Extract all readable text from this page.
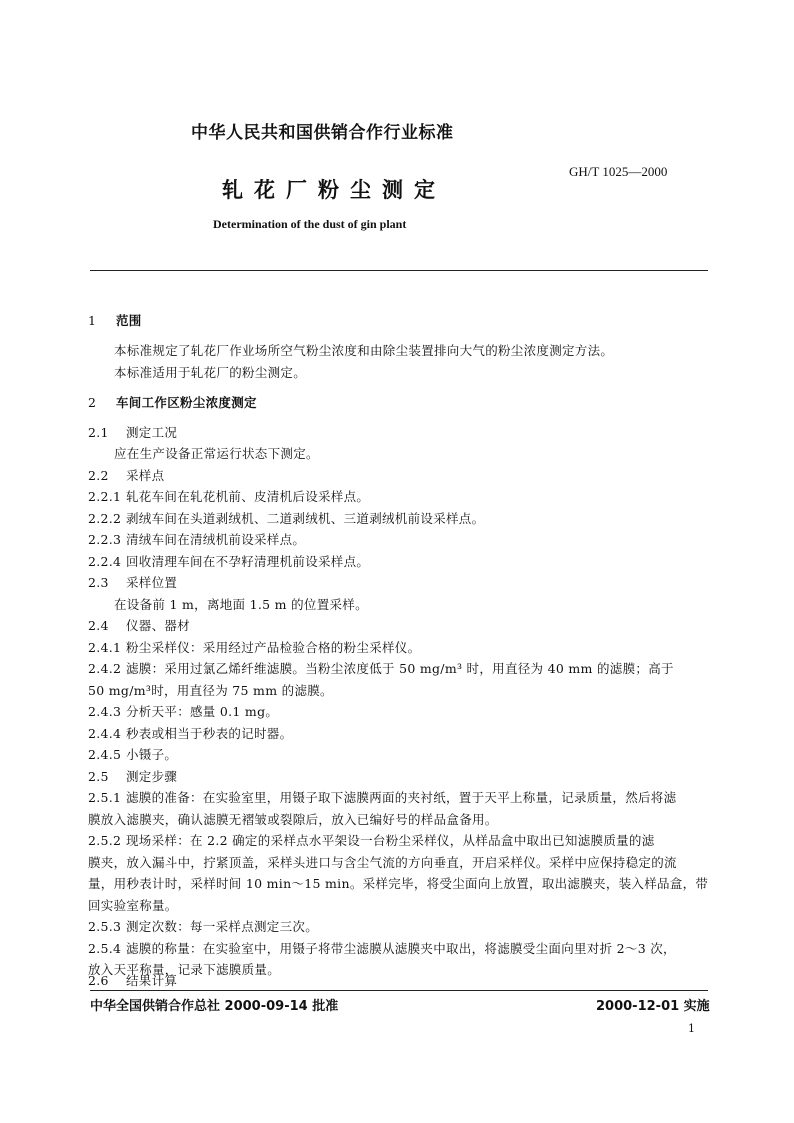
中华人民共和国供销合作行业标准
GH/T 1025—2000
轧花厂粉尘测定
Determination of the dust of gin plant
1 范围
本标准规定了轧花厂作业场所空气粉尘浓度和由除尘装置排向大气的粉尘浓度测定方法。
本标准适用于轧花厂的粉尘测定。
2 车间工作区粉尘浓度测定
2.1 测定工况
应在生产设备正常运行状态下测定。
2.2 采样点
2.2.1 轧花车间在轧花机前、皮清机后设采样点。
2.2.2 剥绒车间在头道剥绒机、二道剥绒机、三道剥绒机前设采样点。
2.2.3 清绒车间在清绒机前设采样点。
2.2.4 回收清理车间在不孕籽清理机前设采样点。
2.3 采样位置
在设备前 1 m，离地面 1.5 m 的位置采样。
2.4 仪器、器材
2.4.1 粉尘采样仪：采用经过产品检验合格的粉尘采样仪。
2.4.2 滤膜：采用过氯乙烯纤维滤膜。当粉尘浓度低于 50 mg/m³ 时，用直径为 40 mm 的滤膜；高于
50 mg/m³时，用直径为 75 mm 的滤膜。
2.4.3 分析天平：感量 0.1 mg。
2.4.4 秒表或相当于秒表的记时器。
2.4.5 小镊子。
2.5 测定步骤
2.5.1 滤膜的准备：在实验室里，用镊子取下滤膜两面的夹衬纸，置于天平上称量，记录质量，然后将滤
膜放入滤膜夹，确认滤膜无褶皱或裂隙后，放入已编好号的样品盒备用。
2.5.2 现场采样：在 2.2 确定的采样点水平架设一台粉尘采样仪，从样品盒中取出已知滤膜质量的滤
膜夹，放入漏斗中，拧紧顶盖，采样头进口与含尘气流的方向垂直，开启采样仪。采样中应保持稳定的流
量，用秒表计时，采样时间 10 min～15 min。采样完毕，将受尘面向上放置，取出滤膜夹，装入样品盒，带
回实验室称量。
2.5.3 测定次数：每一采样点测定三次。
2.5.4 滤膜的称量：在实验室中，用镊子将带尘滤膜从滤膜夹中取出，将滤膜受尘面向里对折 2～3 次，
放入天平称量，记录下滤膜质量。
2.6 结果计算
中华全国供销合作总社 2000-09-14 批准	2000-12-01 实施
1
